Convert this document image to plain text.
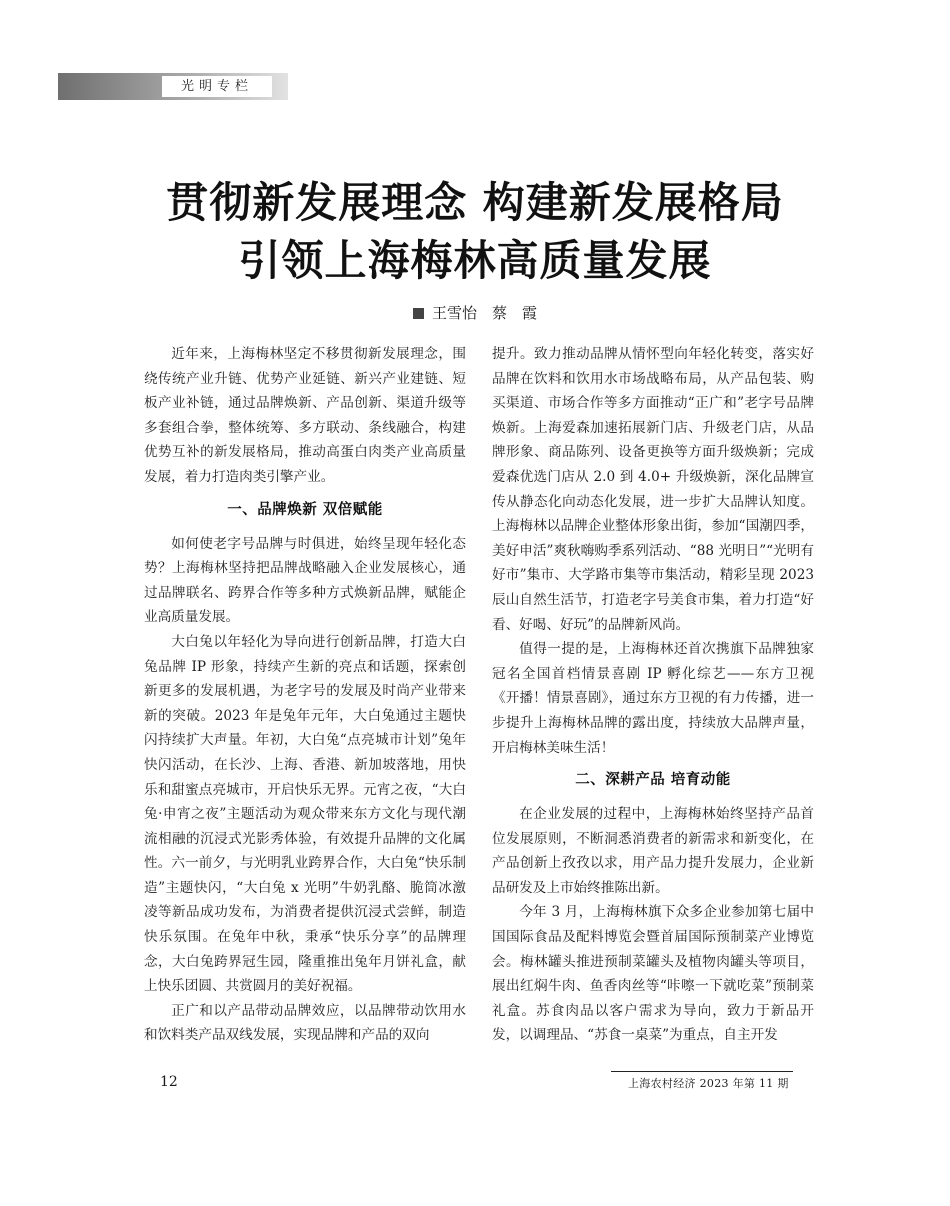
光明专栏
贯彻新发展理念 构建新发展格局
引领上海梅林高质量发展
王雪怡　蔡　霞

近年来，上海梅林坚定不移贯彻新发展理念，围绕传统产业升链、优势产业延链、新兴产业建链、短板产业补链，通过品牌焕新、产品创新、渠道升级等多套组合拳，整体统筹、多方联动、条线融合，构建优势互补的新发展格局，推动高蛋白肉类产业高质量发展，着力打造肉类引擎产业。

一、品牌焕新 双倍赋能

如何使老字号品牌与时俱进，始终呈现年轻化态势？上海梅林坚持把品牌战略融入企业发展核心，通过品牌联名、跨界合作等多种方式焕新品牌，赋能企业高质量发展。

大白兔以年轻化为导向进行创新品牌，打造大白兔品牌 IP 形象，持续产生新的亮点和话题，探索创新更多的发展机遇，为老字号的发展及时尚产业带来新的突破。2023 年是兔年元年，大白兔通过主题快闪持续扩大声量。年初，大白兔“点亮城市计划”兔年快闪活动，在长沙、上海、香港、新加坡落地，用快乐和甜蜜点亮城市，开启快乐无界。元宵之夜，“大白兔·申宵之夜”主题活动为观众带来东方文化与现代潮流相融的沉浸式光影秀体验，有效提升品牌的文化属性。六一前夕，与光明乳业跨界合作，大白兔“快乐制造”主题快闪，“大白兔 x 光明”牛奶乳酪、脆筒冰激凌等新品成功发布，为消费者提供沉浸式尝鲜，制造快乐氛围。在兔年中秋，秉承“快乐分享”的品牌理念，大白兔跨界冠生园，隆重推出兔年月饼礼盒，献上快乐团圆、共赏圆月的美好祝福。

正广和以产品带动品牌效应，以品牌带动饮用水和饮料类产品双线发展，实现品牌和产品的双向

提升。致力推动品牌从情怀型向年轻化转变，落实好品牌在饮料和饮用水市场战略布局，从产品包装、购买渠道、市场合作等多方面推动“正广和”老字号品牌焕新。上海爱森加速拓展新门店、升级老门店，从品牌形象、商品陈列、设备更换等方面升级焕新；完成爱森优选门店从 2.0 到 4.0+ 升级焕新，深化品牌宣传从静态化向动态化发展，进一步扩大品牌认知度。上海梅林以品牌企业整体形象出街，参加“国潮四季，美好申活”爽秋嗨购季系列活动、“88 光明日”“光明有好市”集市、大学路市集等市集活动，精彩呈现 2023 辰山自然生活节，打造老字号美食市集，着力打造“好看、好喝、好玩”的品牌新风尚。

值得一提的是，上海梅林还首次携旗下品牌独家冠名全国首档情景喜剧 IP 孵化综艺——东方卫视《开播！情景喜剧》，通过东方卫视的有力传播，进一步提升上海梅林品牌的露出度，持续放大品牌声量，开启梅林美味生活！

二、深耕产品 培育动能

在企业发展的过程中，上海梅林始终坚持产品首位发展原则，不断洞悉消费者的新需求和新变化，在产品创新上孜孜以求，用产品力提升发展力，企业新品研发及上市始终推陈出新。

今年 3 月，上海梅林旗下众多企业参加第七届中国国际食品及配料博览会暨首届国际预制菜产业博览会。梅林罐头推进预制菜罐头及植物肉罐头等项目，展出红焖牛肉、鱼香肉丝等“咔嚓一下就吃菜”预制菜礼盒。苏食肉品以客户需求为导向，致力于新品开发，以调理品、“苏食一桌菜”为重点，自主开发

12	上海农村经济 2023 年第 11 期
